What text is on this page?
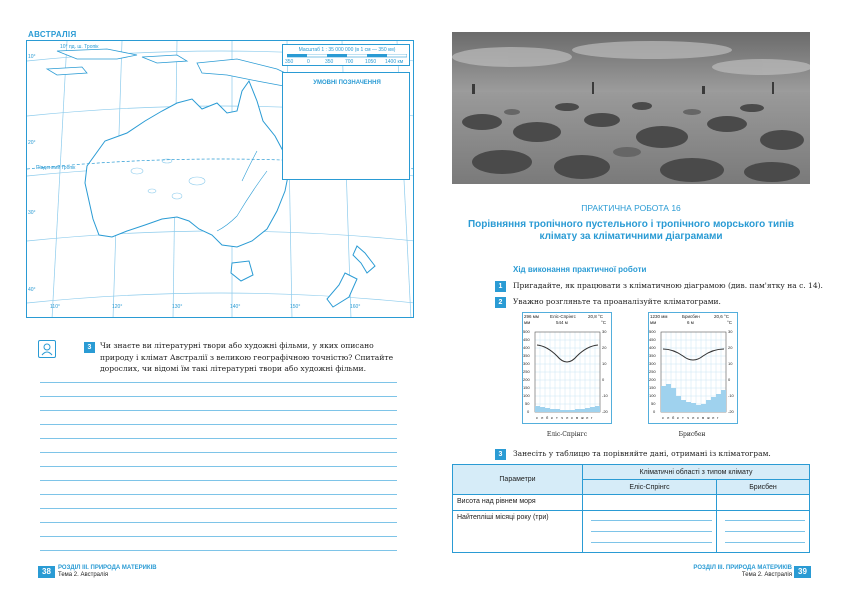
АВСТРАЛІЯ
10° пд. ш. Тропік
Південний тропік
10°
20°
30°
40°
110°	120°	130°	140°	150°	160°
Масштаб 1 : 35 000 000 (в 1 см — 350 км)
350	0	350 700 1050 1400 км
УМОВНІ ПОЗНАЧЕННЯ
3	Чи знаєте ви літературні твори або художні фільми, у яких описано природу і клімат Австралії з великою географічною точністю? Спитайте дорослих, чи відомі їм такі літературні твори або художні фільми.
38	РОЗДІЛ ІІІ. ПРИРОДА МАТЕРИКІВ
Тема 2. Австралія
ПРАКТИЧНА РОБОТА 16
Порівняння тропічного пустельного і тропічного морського типів клімату за кліматичними діаграмами
Хід виконання практичної роботи
1	Пригадайте, як працювати з кліматичною діаграмою (див. пам'ятку на с. 14).
2	Уважно розгляньте та проаналізуйте кліматограми.
296 мм Еліс-Спрінгс
544 м
20,8 °C
мм	°C
500
450
400
350
300
250
200
150
100
50
0
30
20
10
0
-10
-20
с л б к т ч л с в ж л г
Еліс-Спрінгс
1230 мм	Брисбен
6 м
20,6 °C
мм	°C
500
450
400
350
300
250
200
150
100
50
0
30
20
10
0
-10
-20
с л б к т ч л с в ж л г
Брисбен
3	Занесіть у таблицю та порівняйте дані, отримані із кліматограм.
Параметри	Кліматичні області з типом клімату	
	Еліс-Спрінгс	Брисбен
Висота над рівнем моря		
Найтепліші місяці року (три)	

РОЗДІЛ ІІІ. ПРИРОДА МАТЕРИКІВ
Тема 2. Австралія 39
